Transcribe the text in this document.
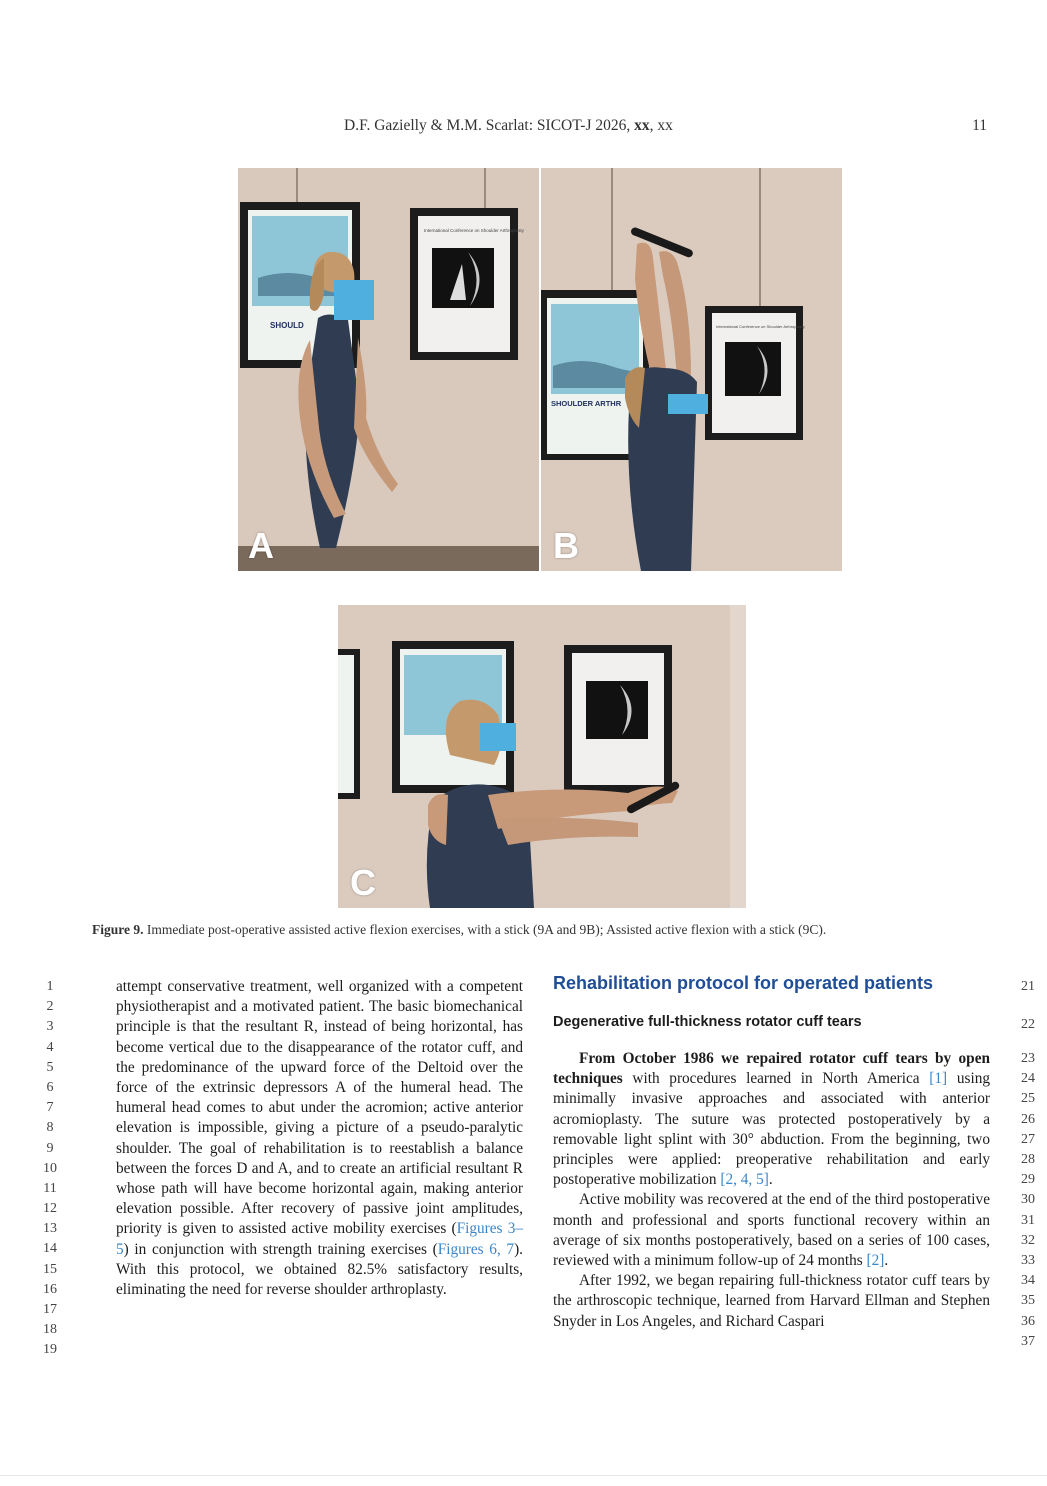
D.F. Gazielly & M.M. Scarlat: SICOT-J 2026, xx, xx	11
SHOULD
International Conference on Shoulder Arthroplasty
A
SHOULDER ARTHR
International Conference on Shoulder Arthroplasty
B
C
Figure 9. Immediate post-operative assisted active flexion exercises, with a stick (9A and 9B); Assisted active flexion with a stick (9C).
1
2
3
4
5
6
7
8
9
10
11
12
13
14
15
16
17
18
19

attempt conservative treatment, well organized with a competent physiotherapist and a motivated patient. The basic biomechanical principle is that the resultant R, instead of being horizontal, has become vertical due to the disappearance of the rotator cuff, and the predominance of the upward force of the Deltoid over the force of the extrinsic depressors A of the humeral head. The humeral head comes to abut under the acromion; active anterior elevation is impossible, giving a picture of a pseudo-paralytic shoulder. The goal of rehabilitation is to reestablish a balance between the forces D and A, and to create an artificial resultant R whose path will have become horizontal again, making anterior elevation possible. After recovery of passive joint amplitudes, priority is given to assisted active mobility exercises (Figures 3–5) in conjunction with strength training exercises (Figures 6, 7). With this protocol, we obtained 82.5% satisfactory results, eliminating the need for reverse shoulder arthroplasty.

Rehabilitation protocol for operated patients
Degenerative full-thickness rotator cuff tears
21
22
23
24
25
26
27
28
29
30
31
32
33
34
35
36
37

From October 1986 we repaired rotator cuff tears by open techniques with procedures learned in North America [1] using minimally invasive approaches and associated with anterior acromioplasty. The suture was protected postoperatively by a removable light splint with 30° abduction. From the beginning, two principles were applied: preoperative rehabilitation and early postoperative mobilization [2, 4, 5].

Active mobility was recovered at the end of the third postoperative month and professional and sports functional recovery within an average of six months postoperatively, based on a series of 100 cases, reviewed with a minimum follow-up of 24 months [2].

After 1992, we began repairing full-thickness rotator cuff tears by the arthroscopic technique, learned from Harvard Ellman and Stephen Snyder in Los Angeles, and Richard Caspari
